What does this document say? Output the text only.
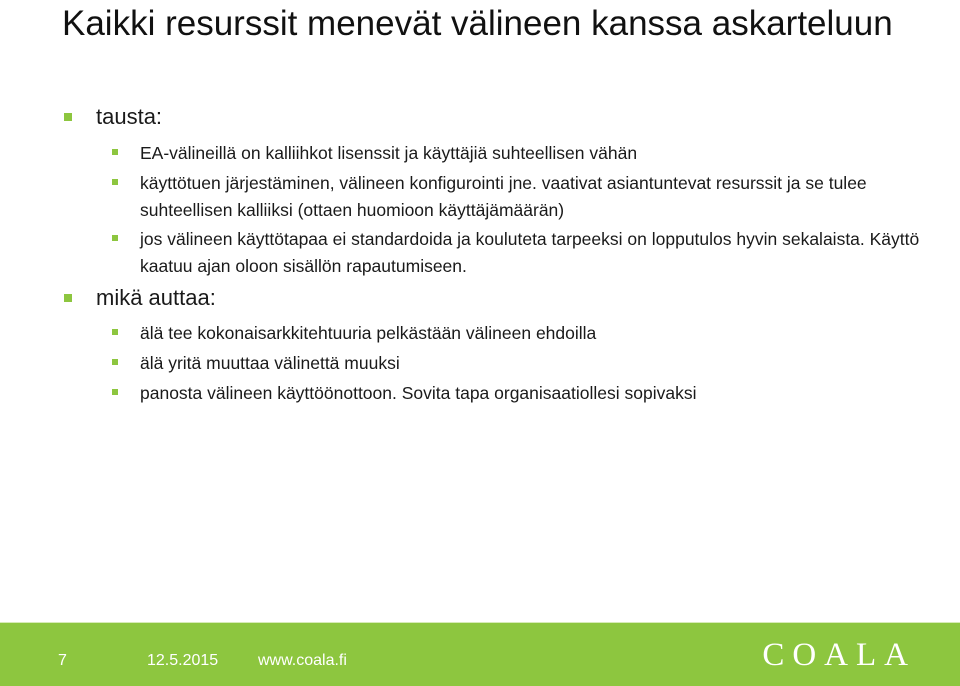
Kaikki resurssit menevät välineen kanssa askarteluun
tausta:
EA-välineillä on kalliihkot lisenssit ja käyttäjiä suhteellisen vähän
käyttötuen järjestäminen, välineen konfigurointi jne. vaativat asiantuntevat resurssit ja se tulee suhteellisen kalliiksi (ottaen huomioon käyttäjämäärän)
jos välineen käyttötapaa ei standardoida ja kouluteta tarpeeksi on lopputulos hyvin sekalaista. Käyttö kaatuu ajan oloon sisällön rapautumiseen.
mikä auttaa:
älä tee kokonaisarkkitehtuuria pelkästään välineen ehdoilla
älä yritä muuttaa välinettä muuksi
panosta välineen käyttöönottoon. Sovita tapa organisaatiollesi sopivaksi
7	12.5.2015 www.coala.fi	COALA
